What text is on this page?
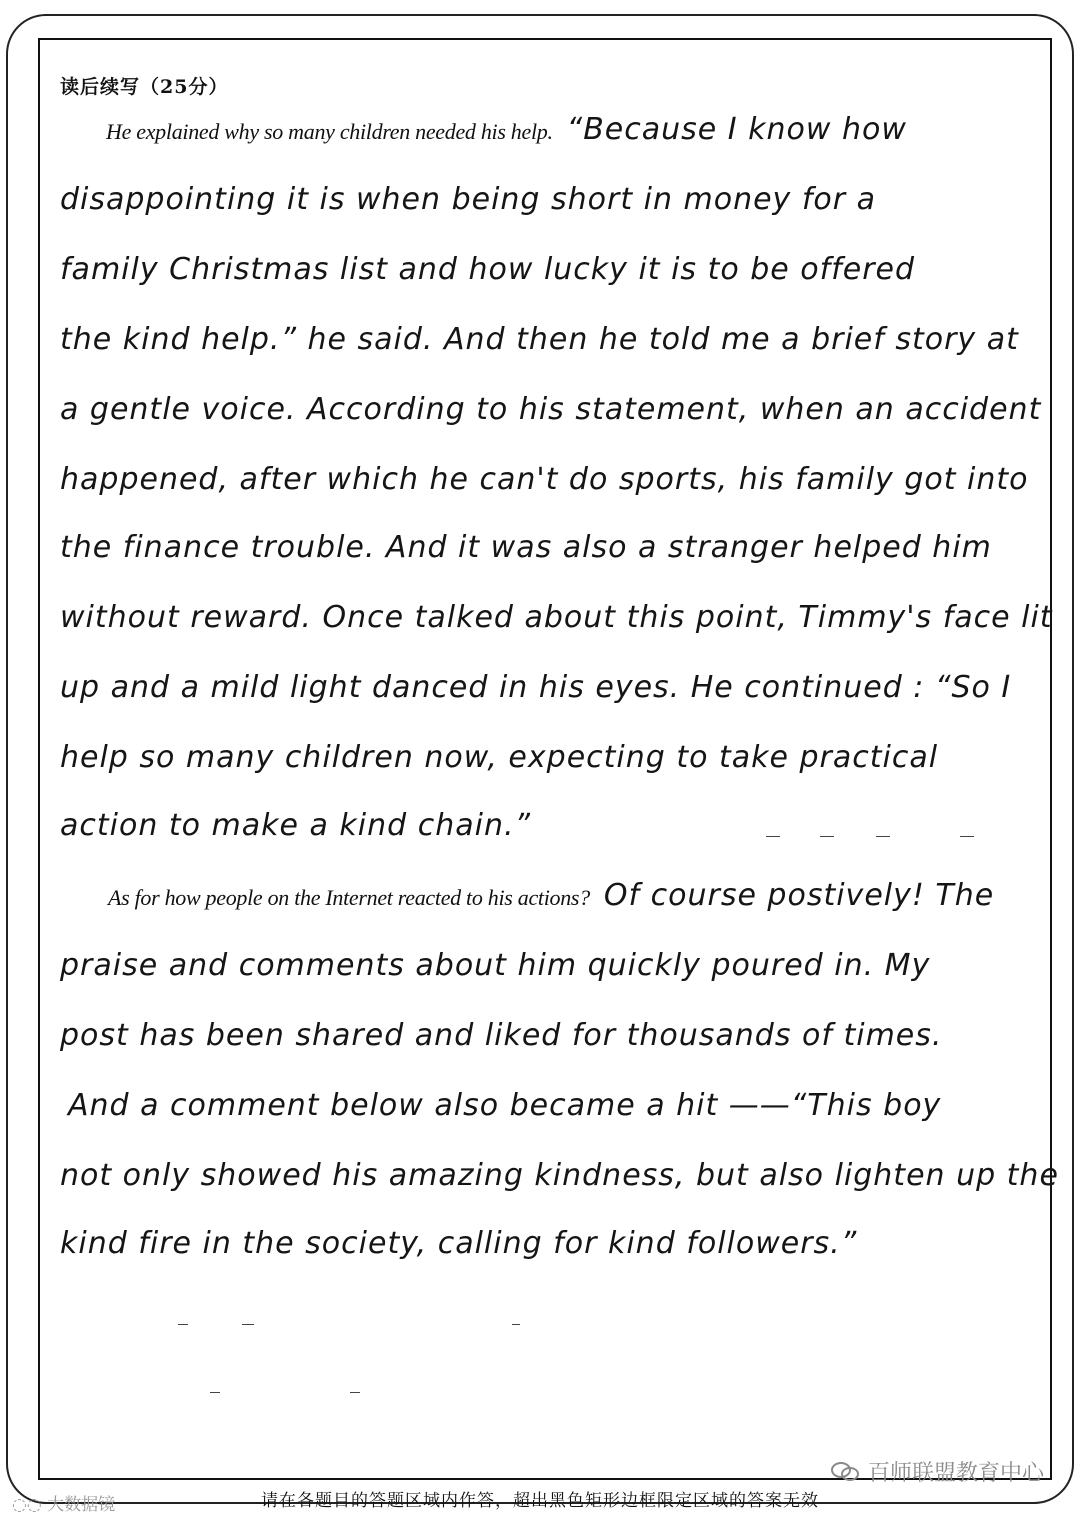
读后续写（25分）
He explained why so many children needed his help. “Because I know how
disappointing it is when being short in money for a
family Christmas list and how lucky it is to be offered
the kind help.” he said. And then he told me a brief story at
a gentle voice. According to his statement, when an accident
happened, after which he can't do sports, his family got into
the finance trouble. And it was also a stranger helped him
without reward. Once talked about this point, Timmy's face lit
up and a mild light danced in his eyes. He continued : “So I
help so many children now, expecting to take practical
action to make a kind chain.”
As for how people on the Internet reacted to his actions? Of course postively! The
praise and comments about him quickly poured in. My
post has been shared and liked for thousands of times.
And a comment below also became a hit ——“This boy
not only showed his amazing kindness, but also lighten up the
kind fire in the society, calling for kind followers.”
请在各题目的答题区域内作答，超出黑色矩形边框限定区域的答案无效
◌◌ 大数据镜
百师联盟教育中心
